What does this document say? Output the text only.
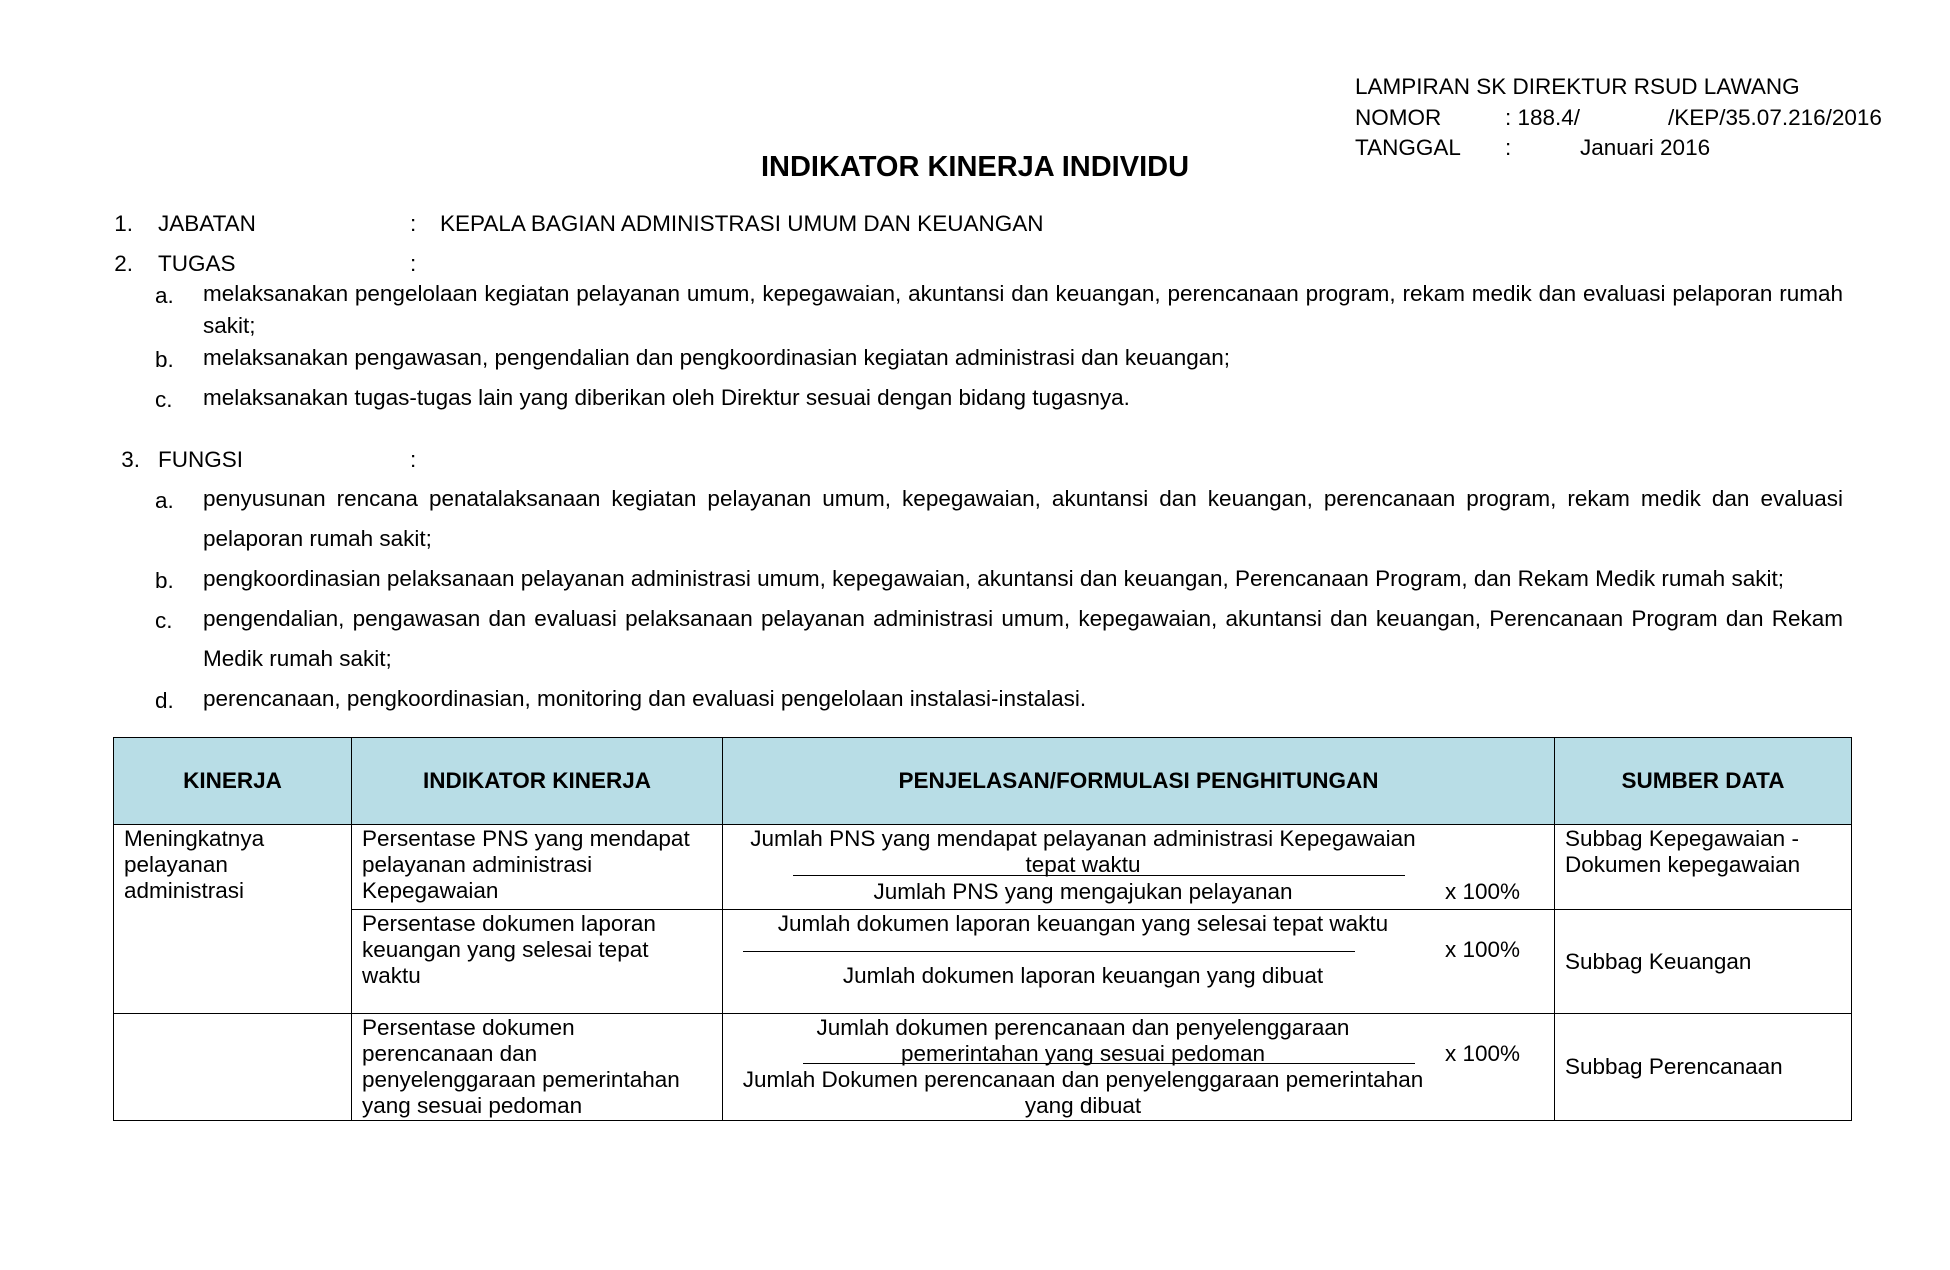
LAMPIRAN SK DIREKTUR RSUD LAWANG
NOMOR	: 188.4/	/KEP/35.07.216/2016
TANGGAL :	Januari 2016
INDIKATOR KINERJA INDIVIDU
1. JABATAN	: KEPALA BAGIAN ADMINISTRASI UMUM DAN KEUANGAN
2. TUGAS	:
a. melaksanakan pengelolaan kegiatan pelayanan umum, kepegawaian, akuntansi dan keuangan, perencanaan program, rekam medik dan evaluasi pelaporan rumah sakit;
b. melaksanakan pengawasan, pengendalian dan pengkoordinasian kegiatan administrasi dan keuangan;
c. melaksanakan tugas-tugas lain yang diberikan oleh Direktur sesuai dengan bidang tugasnya.
3. FUNGSI	:
a. penyusunan rencana penatalaksanaan kegiatan pelayanan umum, kepegawaian, akuntansi dan keuangan, perencanaan program, rekam medik dan evaluasi pelaporan rumah sakit;
b. pengkoordinasian pelaksanaan pelayanan administrasi umum, kepegawaian, akuntansi dan keuangan, Perencanaan Program, dan Rekam Medik rumah sakit;
c. pengendalian, pengawasan dan evaluasi pelaksanaan pelayanan administrasi umum, kepegawaian, akuntansi dan keuangan, Perencanaan Program dan Rekam Medik rumah sakit;
d. perencanaan, pengkoordinasian, monitoring dan evaluasi pengelolaan instalasi-instalasi.
KINERJA	INDIKATOR KINERJA	PENJELASAN/FORMULASI PENGHITUNGAN	SUMBER DATA

Meningkatnya pelayanan administrasi	Persentase PNS yang mendapat pelayanan administrasi Kepegawaian	Jumlah PNS yang mendapat pelayanan administrasi Kepegawaian tepat waktu
Jumlah PNS yang mengajukan pelayanan x 100%	Subbag Kepegawaian - Dokumen kepegawaian

	Persentase dokumen laporan keuangan yang selesai tepat waktu	Jumlah dokumen laporan keuangan yang selesai tepat waktu
Jumlah dokumen laporan keuangan yang dibuat
x 100%	Subbag Keuangan

	Persentase dokumen perencanaan dan penyelenggaraan pemerintahan yang sesuai pedoman	Jumlah dokumen perencanaan dan penyelenggaraan pemerintahan yang sesuai pedoman
Jumlah Dokumen perencanaan dan penyelenggaraan pemerintahan yang dibuat
x 100%	Subbag Perencanaan
